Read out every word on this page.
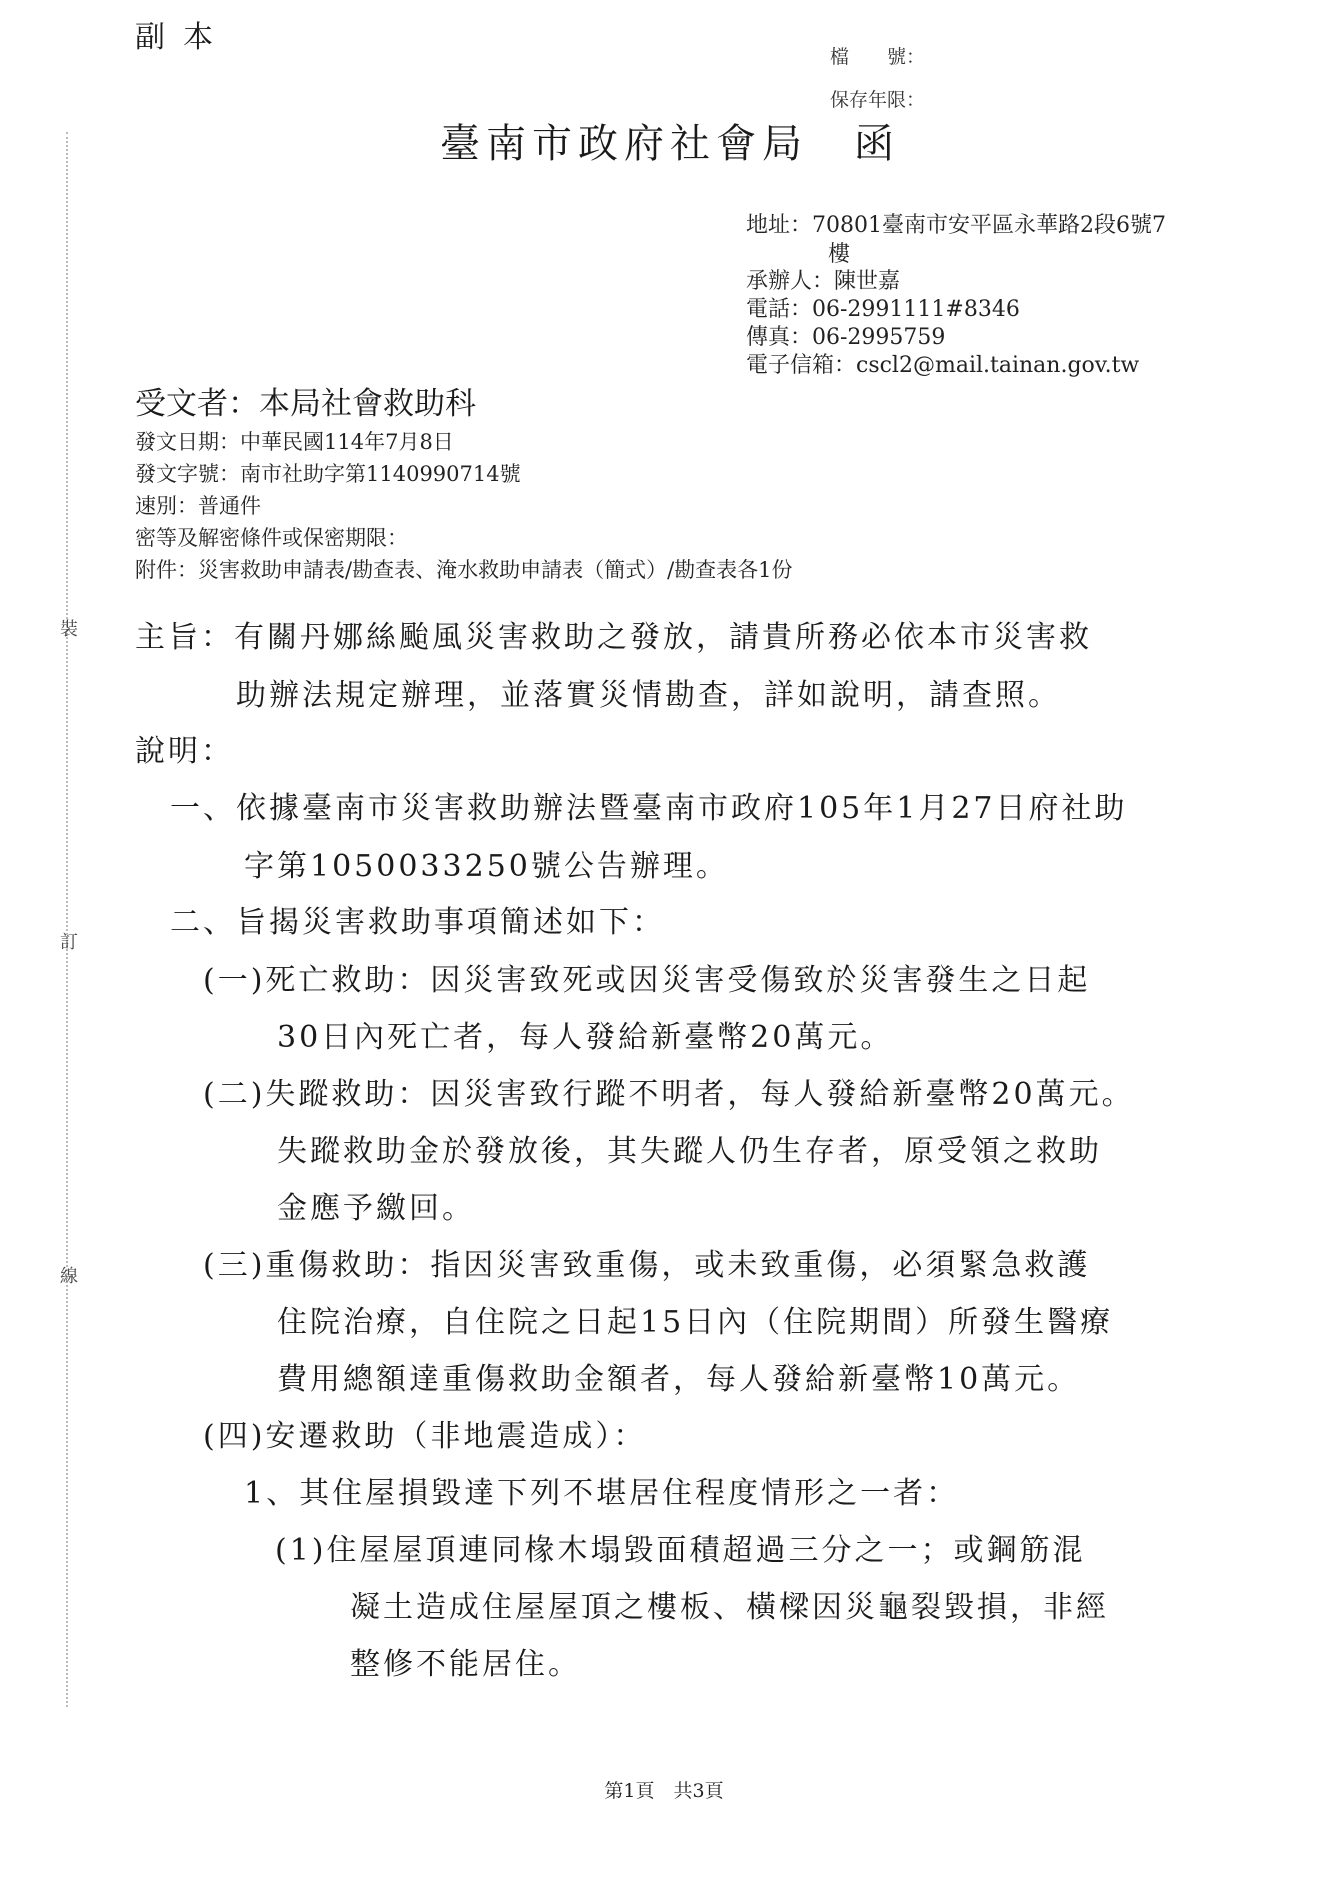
裝
訂
線
副本
檔　　號：
保存年限：
臺南市政府社會局　函
地址：70801臺南市安平區永華路2段6號7
樓
承辦人：陳世嘉
電話：06-2991111#8346
傳真：06-2995759
電子信箱：cscl2@mail.tainan.gov.tw
受文者：本局社會救助科
發文日期：中華民國114年7月8日
發文字號：南市社助字第1140990714號
速別：普通件
密等及解密條件或保密期限：
附件：災害救助申請表/勘查表、淹水救助申請表（簡式）/勘查表各1份
主旨：有關丹娜絲颱風災害救助之發放，請貴所務必依本市災害救
助辦法規定辦理，並落實災情勘查，詳如說明，請查照。
說明：
一、依據臺南市災害救助辦法暨臺南市政府105年1月27日府社助
字第1050033250號公告辦理。
二、旨揭災害救助事項簡述如下：
(一)死亡救助：因災害致死或因災害受傷致於災害發生之日起
30日內死亡者，每人發給新臺幣20萬元。
(二)失蹤救助：因災害致行蹤不明者，每人發給新臺幣20萬元。
失蹤救助金於發放後，其失蹤人仍生存者，原受領之救助
金應予繳回。
(三)重傷救助：指因災害致重傷，或未致重傷，必須緊急救護
住院治療，自住院之日起15日內（住院期間）所發生醫療
費用總額達重傷救助金額者，每人發給新臺幣10萬元。
(四)安遷救助（非地震造成）：
1、其住屋損毀達下列不堪居住程度情形之一者：
(1)住屋屋頂連同椽木塌毀面積超過三分之一；或鋼筋混
凝土造成住屋屋頂之樓板、橫樑因災龜裂毀損，非經
整修不能居住。
第1頁　共3頁
